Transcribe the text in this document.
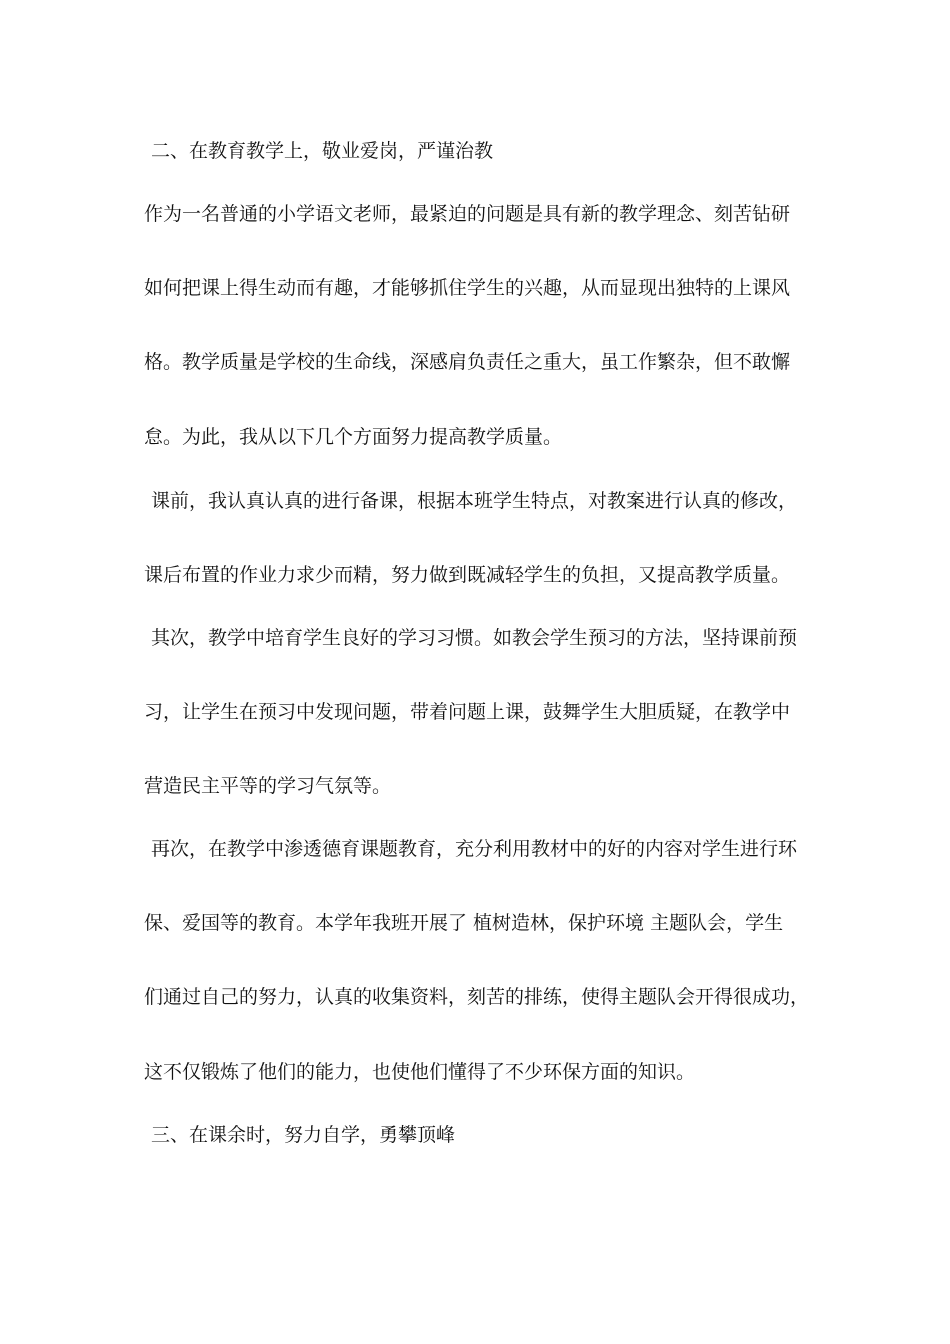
二、在教育教学上，敬业爱岗，严谨治教
作为一名普通的小学语文老师，最紧迫的问题是具有新的教学理念、刻苦钻研
如何把课上得生动而有趣，才能够抓住学生的兴趣，从而显现出独特的上课风
格。教学质量是学校的生命线，深感肩负责任之重大，虽工作繁杂，但不敢懈
怠。为此，我从以下几个方面努力提高教学质量。
课前，我认真认真的进行备课，根据本班学生特点，对教案进行认真的修改，
课后布置的作业力求少而精，努力做到既减轻学生的负担，又提高教学质量。
其次，教学中培育学生良好的学习习惯。如教会学生预习的方法，坚持课前预
习，让学生在预习中发现问题，带着问题上课，鼓舞学生大胆质疑，在教学中
营造民主平等的学习气氛等。
再次，在教学中渗透德育课题教育，充分利用教材中的好的内容对学生进行环
保、爱国等的教育。本学年我班开展了 植树造林，保护环境 主题队会，学生
们通过自己的努力，认真的收集资料，刻苦的排练，使得主题队会开得很成功，
这不仅锻炼了他们的能力，也使他们懂得了不少环保方面的知识。
三、在课余时，努力自学，勇攀顶峰
